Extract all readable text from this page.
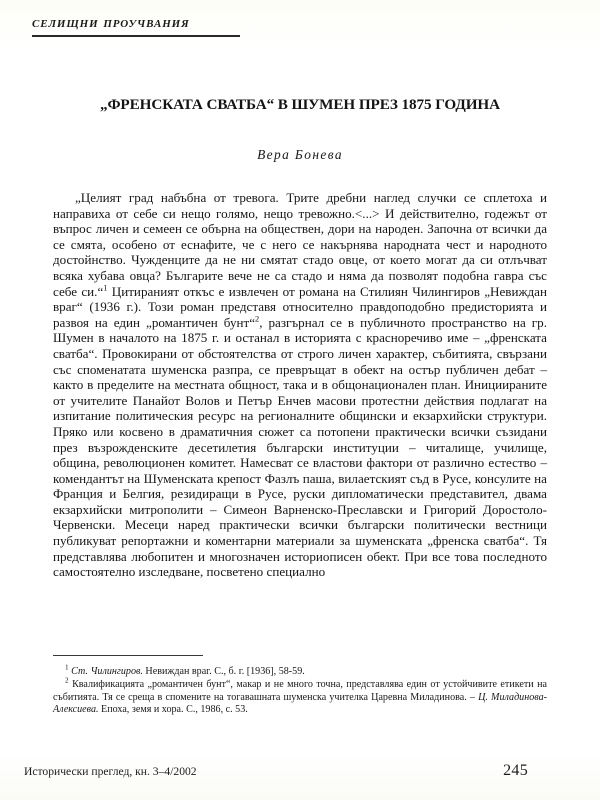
селищни проучвания
„ФРЕНСКАТА СВАТБА“ В ШУМЕН ПРЕЗ 1875 ГОДИНА
Вера Бонева

„Целият град набъбна от тревога. Трите дребни наглед случки се сплетоха и направиха от себе си нещо голямо, нещо тревожно.<...> И действително, годежът от въпрос личен и семеен се обърна на обществен, дори на народен. Започна от всички да се смята, особено от еснафите, че с него се накърнява народната чест и народното достойнство. Чужденците да не ни смятат стадо овце, от което могат да си отлъчват всяка хубава овца? Българите вече не са стадо и няма да позволят подобна гавра със себе си.“$^1$ Цитираният откъс е извлечен от романа на Стилиян Чилингиров „Невиждан враг“ (1936 г.). Този роман представя относително правдоподобно предисторията и развоя на един „романтичен бунт“$^2$, разгърнал се в публичното пространство на гр. Шумен в началото на 1875 г. и останал в историята с красноречиво име – „френската сватба“. Провокирани от обстоятелства от строго личен характер, събитията, свързани със споменатата шуменска разпра, се превръщат в обект на остър публичен дебат – както в пределите на местната общност, така и в общонационален план. Инициираните от учителите Панайот Волов и Петър Енчев масови протестни действия подлагат на изпитание политическия ресурс на регионалните общински и екзархийски структури. Пряко или косвено в драматичния сюжет са потопени практически всички съзидани през възрожденските десетилетия български институции – читалище, училище, община, революционен комитет. Намесват се властови фактори от различно естество – комендантът на Шуменската крепост Фазлъ паша, вилаетският съд в Русе, консулите на Франция и Белгия, резидиращи в Русе, руски дипломатически представител, двама екзархийски митрополити – Симеон Варненско-Преславски и Григорий Доростоло-Червенски. Месеци наред практически всички български политически вестници публикуват репортажни и коментарни материали за шуменската „френска сватба“. Тя представлява любопитен и многозначен историописен обект. При все това последното самостоятелно изследване, посветено специално

$^1$ Ст. Чилингиров. Невиждан враг. С., б. г. [1936], 58-59.

$^2$ Квалификацията „романтичен бунт“, макар и не много точна, представлява един от устойчивите етикети на събитията. Тя се среща в спомените на тогавашната шуменска учителка Царевна Миладинова. – Ц. Миладинова-Алексиева. Епоха, земя и хора. С., 1986, с. 53.

Исторически преглед, кн. 3–4/2002	245
